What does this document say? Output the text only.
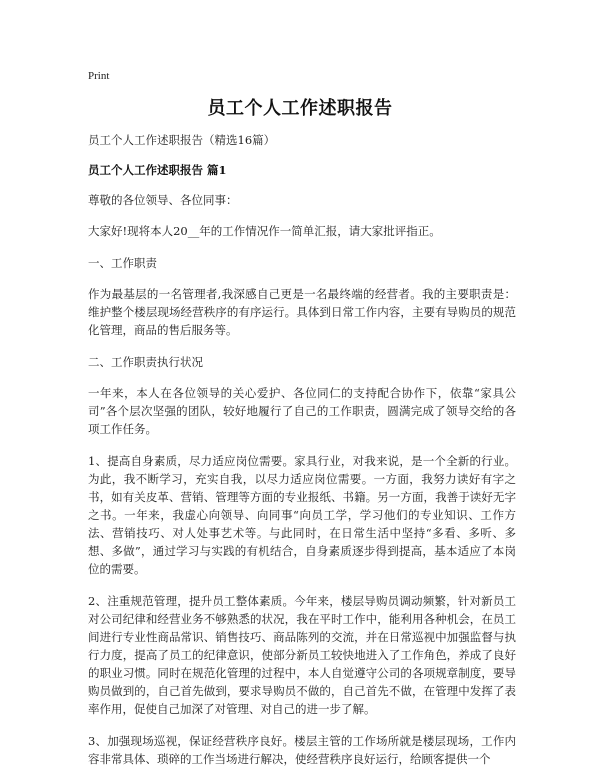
Print
员工个人工作述职报告

员工个人工作述职报告（精选16篇）

员工个人工作述职报告 篇1

尊敬的各位领导、各位同事：

大家好!现将本人20__年的工作情况作一简单汇报，请大家批评指正。

一、工作职责

作为最基层的一名管理者,我深感自己更是一名最终端的经营者。我的主要职责是：维护整个楼层现场经营秩序的有序运行。具体到日常工作内容，主要有导购员的规范化管理，商品的售后服务等。

二、工作职责执行状况

一年来，本人在各位领导的关心爱护、各位同仁的支持配合协作下，依靠“家具公司”各个层次坚强的团队，较好地履行了自己的工作职责，圆满完成了领导交给的各项工作任务。

1、提高自身素质，尽力适应岗位需要。家具行业，对我来说，是一个全新的行业。为此，我不断学习，充实自我，以尽力适应岗位需要。一方面，我努力读好有字之书，如有关皮革、营销、管理等方面的专业报纸、书籍。另一方面，我善于读好无字之书。一年来，我虚心向领导、向同事“向员工学，学习他们的专业知识、工作方法、营销技巧、对人处事艺术等。与此同时，在日常生活中坚持“多看、多听、多想、多做”，通过学习与实践的有机结合，自身素质逐步得到提高，基本适应了本岗位的需要。

2、注重规范管理，提升员工整体素质。今年来，楼层导购员调动频繁，针对新员工对公司纪律和经营业务不够熟悉的状况，我在平时工作中，能利用各种机会，在员工间进行专业性商品常识、销售技巧、商品陈列的交流，并在日常巡视中加强监督与执行力度，提高了员工的纪律意识，使部分新员工较快地进入了工作角色，养成了良好的职业习惯。同时在规范化管理的过程中，本人自觉遵守公司的各项规章制度，要导购员做到的，自己首先做到，要求导购员不做的，自己首先不做，在管理中发挥了表率作用，促使自己加深了对管理、对自己的进一步了解。

3、加强现场巡视，保证经营秩序良好。楼层主管的工作场所就是楼层现场，工作内容非常具体、琐碎的工作当场进行解决，使经营秩序良好运行，给顾客提供一个
